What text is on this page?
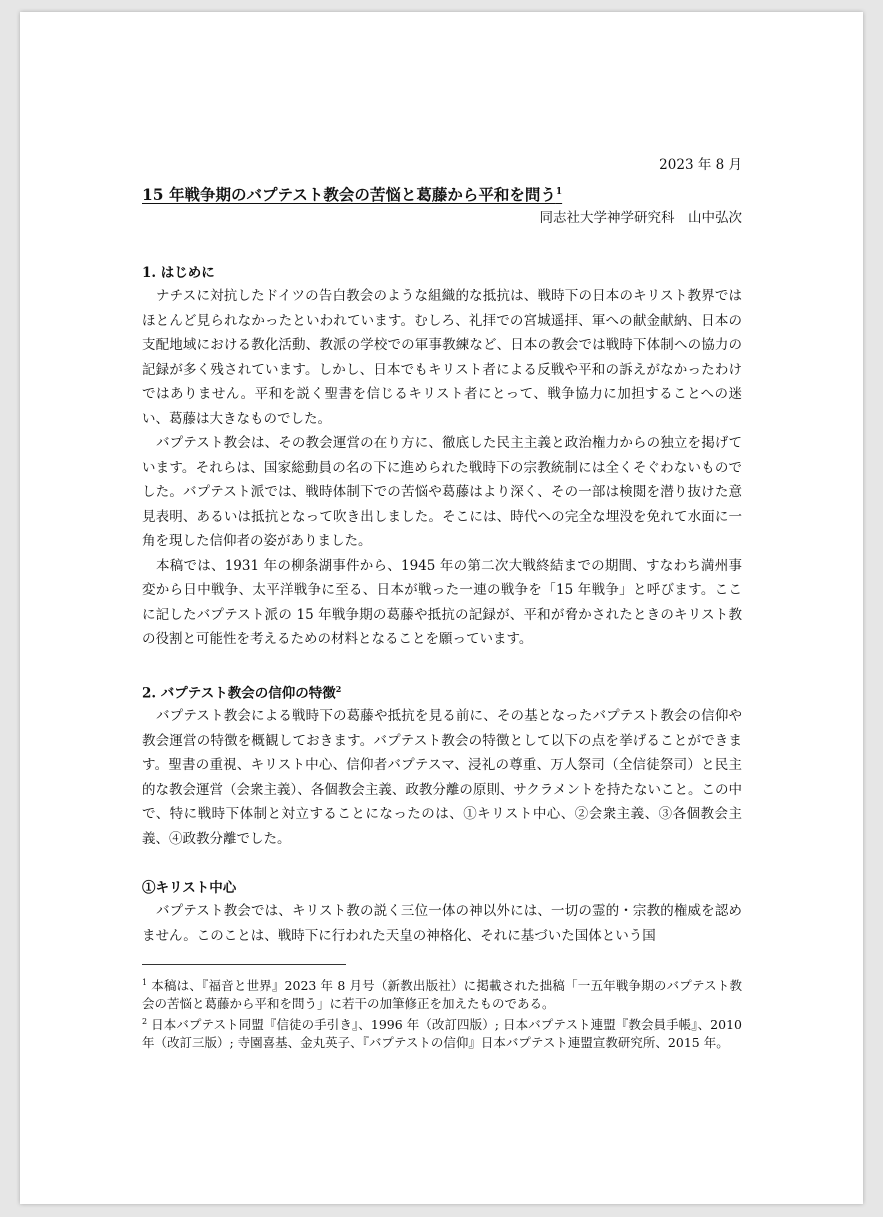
2023 年 8 月

15 年戦争期のバプテスト教会の苦悩と葛藤から平和を問う$^1$

同志社大学神学研究科　山中弘次

1. はじめに

ナチスに対抗したドイツの告白教会のような組織的な抵抗は、戦時下の日本のキリスト教界ではほとんど見られなかったといわれています。むしろ、礼拝での宮城遥拝、軍への献金献納、日本の支配地域における教化活動、教派の学校での軍事教練など、日本の教会では戦時下体制への協力の記録が多く残されています。しかし、日本でもキリスト者による反戦や平和の訴えがなかったわけではありません。平和を説く聖書を信じるキリスト者にとって、戦争協力に加担することへの迷い、葛藤は大きなものでした。

バプテスト教会は、その教会運営の在り方に、徹底した民主主義と政治権力からの独立を掲げています。それらは、国家総動員の名の下に進められた戦時下の宗教統制には全くそぐわないものでした。バプテスト派では、戦時体制下での苦悩や葛藤はより深く、その一部は検閲を潜り抜けた意見表明、あるいは抵抗となって吹き出しました。そこには、時代への完全な埋没を免れて水面に一角を現した信仰者の姿がありました。

本稿では、1931 年の柳条湖事件から、1945 年の第二次大戦終結までの期間、すなわち満州事変から日中戦争、太平洋戦争に至る、日本が戦った一連の戦争を「15 年戦争」と呼びます。ここに記したバプテスト派の 15 年戦争期の葛藤や抵抗の記録が、平和が脅かされたときのキリスト教の役割と可能性を考えるための材料となることを願っています。

2. バプテスト教会の信仰の特徴$^2$

バプテスト教会による戦時下の葛藤や抵抗を見る前に、その基となったバプテスト教会の信仰や教会運営の特徴を概観しておきます。バプテスト教会の特徴として以下の点を挙げることができます。聖書の重視、キリスト中心、信仰者バプテスマ、浸礼の尊重、万人祭司（全信徒祭司）と民主的な教会運営（会衆主義）、各個教会主義、政教分離の原則、サクラメントを持たないこと。この中で、特に戦時下体制と対立することになったのは、①キリスト中心、②会衆主義、③各個教会主義、④政教分離でした。

①キリスト中心

バプテスト教会では、キリスト教の説く三位一体の神以外には、一切の霊的・宗教的権威を認めません。このことは、戦時下に行われた天皇の神格化、それに基づいた国体という国

$^1$ 本稿は、『福音と世界』2023 年 8 月号（新教出版社）に掲載された拙稿「一五年戦争期のバプテスト教会の苦悩と葛藤から平和を問う」に若干の加筆修正を加えたものである。

$^2$ 日本バプテスト同盟『信徒の手引き』、1996 年（改訂四版）; 日本バプテスト連盟『教会員手帳』、2010 年（改訂三版）; 寺園喜基、金丸英子、『バプテストの信仰』日本バプテスト連盟宣教研究所、2015 年。
